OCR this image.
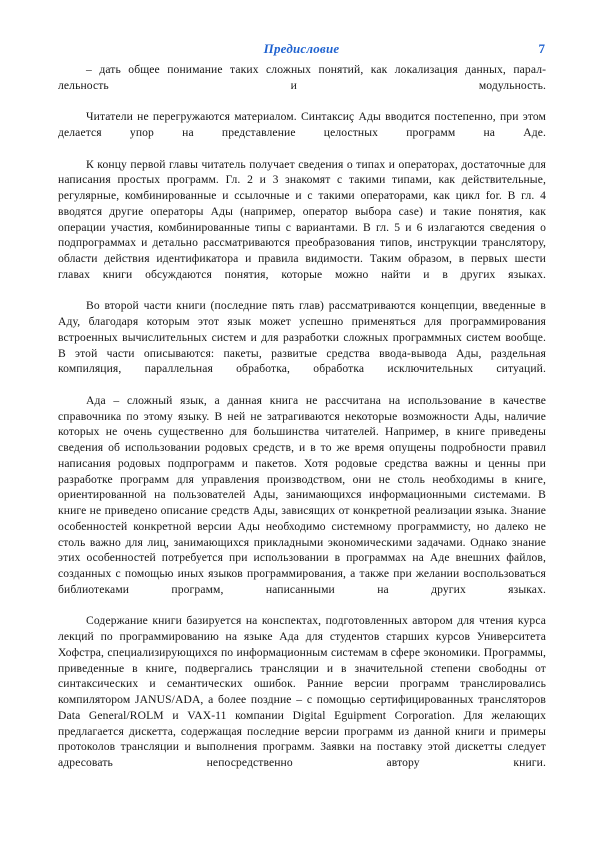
Предисловие	7

– дать общее понимание таких сложных понятий, как локализация данных, параллельность и модульность.

Читатели не перегружаются материалом. Синтаксиç Ады вводится постепенно, при этом делается упор на представление целостных программ на Аде.

К концу первой главы читатель получает сведения о типах и операторах, достаточные для написания простых программ. Гл. 2 и 3 знакомят с такими типами, как действительные, регулярные, комбинированные и ссылочные и с такими операторами, как цикл for. В гл. 4 вводятся другие операторы Ады (например, оператор выбора case) и такие понятия, как операции участия, комбинированные типы с вариантами. В гл. 5 и 6 излагаются сведения о подпрограммах и детально рассматриваются преобразования типов, инструкции транслятору, области действия идентификатора и правила видимости. Таким образом, в первых шести главах книги обсуждаются понятия, которые можно найти и в других языках.

Во второй части книги (последние пять глав) рассматриваются концепции, введенные в Аду, благодаря которым этот язык может успешно применяться для программирования встроенных вычислительных систем и для разработки сложных программных систем вообще. В этой части описываются: пакеты, развитые средства ввода-вывода Ады, раздельная компиляция, параллельная обработка, обработка исключительных ситуаций.

Ада – сложный язык, а данная книга не рассчитана на использование в качестве справочника по этому языку. В ней не затрагиваются некоторые возможности Ады, наличие которых не очень существенно для большинства читателей. Например, в книге приведены сведения об использовании родовых средств, и в то же время опущены подробности правил написания родовых подпрограмм и пакетов. Хотя родовые средства важны и ценны при разработке программ для управления производством, они не столь необходимы в книге, ориентированной на пользователей Ады, занимающихся информационными системами. В книге не приведено описание средств Ады, зависящих от конкретной реализации языка. Знание особенностей конкретной версии Ады необходимо системному программисту, но далеко не столь важно для лиц, занимающихся прикладными экономическими задачами. Однако знание этих особенностей потребуется при использовании в программах на Аде внешних файлов, созданных с помощью иных языков программирования, а также при желании воспользоваться библиотеками программ, написанными на других языках.

Содержание книги базируется на конспектах, подготовленных автором для чтения курса лекций по программированию на языке Ада для студентов старших курсов Университета Хофстра, специализирующихся по информационным системам в сфере экономики. Программы, приведенные в книге, подвергались трансляции и в значительной степени свободны от синтаксических и семантических ошибок. Ранние версии программ транслировались компилятором JANUS/ADA, а более поздние – с помощью сертифицированных трансляторов Data General/ROLM и VAX-11 компании Digital Eguipment Corporation. Для желающих предлагается дискетта, содержащая последние версии программ из данной книги и примеры протоколов трансляции и выполнения программ. Заявки на поставку этой дискетты следует адресовать непосредственно автору книги.
